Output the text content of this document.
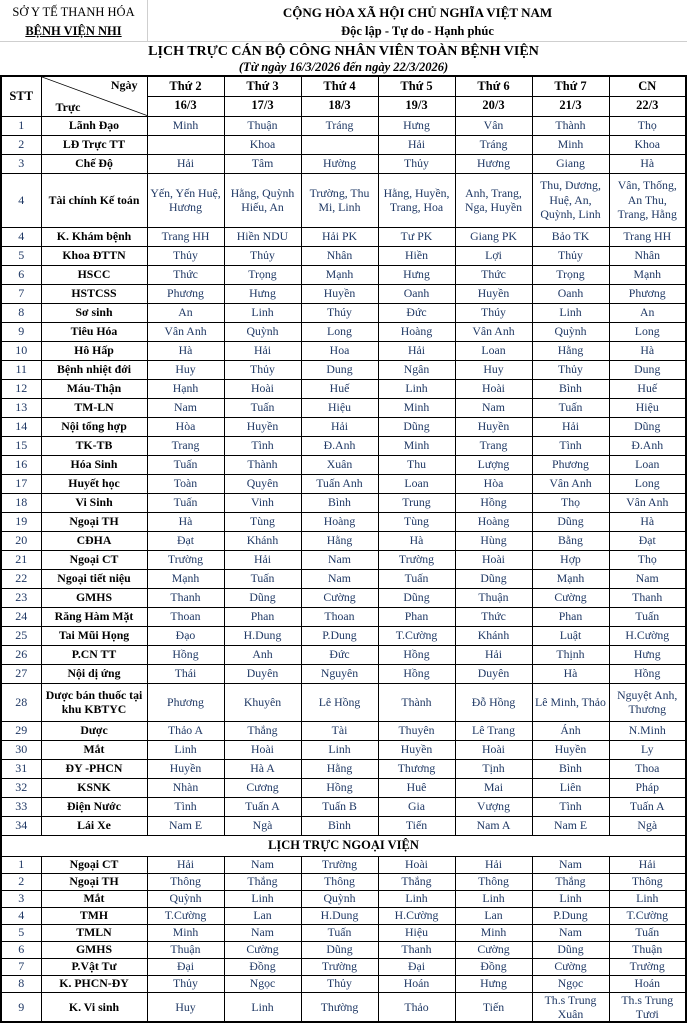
SỞ Y TẾ THANH HÓA
BỆNH VIỆN NHI
CỘNG HÒA XÃ HỘI CHỦ NGHĨA VIỆT NAM
Độc lập - Tự do - Hạnh phúc
LỊCH TRỰC CÁN BỘ CÔNG NHÂN VIÊN TOÀN BỆNH VIỆN
(Từ ngày 16/3/2026 đến ngày 22/3/2026)
STT	Ngày
Trực	Thứ 2	Thứ 3	Thứ 4	Thứ 5	Thứ 6	Thứ 7	CN
		16/3	17/3	18/3	19/3	20/3	21/3	22/3
1	Lãnh Đạo	Minh	Thuận	Tráng	Hưng	Vân	Thành	Thọ
2	LĐ Trực TT		Khoa		Hải	Tráng	Minh	Khoa
3	Chế Độ	Hải	Tâm	Hường	Thủy	Hương	Giang	Hà
4	Tài chính Kế toán	Yến, Yến Huệ, Hương	Hằng, Quỳnh Hiếu, An	Trường, Thu Mi, Linh	Hằng, Huyền, Trang, Hoa	Anh, Trang, Nga, Huyền	Thu, Dương, Huệ, An, Quỳnh, Linh	Vân, Thống, An Thu, Trang, Hằng
4	K. Khám bệnh	Trang HH	Hiền NDU	Hải PK	Tư PK	Giang PK	Bảo TK	Trang HH
5	Khoa ĐTTN	Thủy	Thủy	Nhân	Hiền	Lợi	Thủy	Nhân
6	HSCC	Thức	Trọng	Mạnh	Hưng	Thức	Trọng	Mạnh
7	HSTCSS	Phương	Hưng	Huyền	Oanh	Huyền	Oanh	Phương
8	Sơ sinh	An	Linh	Thúy	Đức	Thúy	Linh	An
9	Tiêu Hóa	Vân Anh	Quỳnh	Long	Hoàng	Vân Anh	Quỳnh	Long
10	Hô Hấp	Hà	Hải	Hoa	Hải	Loan	Hằng	Hà
11	Bệnh nhiệt đới	Huy	Thủy	Dung	Ngân	Huy	Thủy	Dung
12	Máu-Thận	Hạnh	Hoài	Huế	Linh	Hoài	Bình	Huế
13	TM-LN	Nam	Tuấn	Hiệu	Minh	Nam	Tuấn	Hiệu
14	Nội tổng hợp	Hòa	Huyền	Hải	Dũng	Huyền	Hải	Dũng
15	TK-TB	Trang	Tình	Đ.Anh	Minh	Trang	Tình	Đ.Anh
16	Hóa Sinh	Tuấn	Thành	Xuân	Thu	Lượng	Phương	Loan
17	Huyết học	Toàn	Quyên	Tuấn Anh	Loan	Hòa	Vân Anh	Long
18	Vi Sinh	Tuấn	Vinh	Bình	Trung	Hồng	Thọ	Vân Anh
19	Ngoại TH	Hà	Tùng	Hoàng	Tùng	Hoàng	Dũng	Hà
20	CĐHA	Đạt	Khánh	Hằng	Hà	Hùng	Bằng	Đạt
21	Ngoại CT	Trường	Hải	Nam	Trường	Hoài	Hợp	Thọ
22	Ngoại tiết niệu	Mạnh	Tuấn	Nam	Tuấn	Dũng	Mạnh	Nam
23	GMHS	Thanh	Dũng	Cường	Dũng	Thuận	Cường	Thanh
24	Răng Hàm Mặt	Thoan	Phan	Thoan	Phan	Thức	Phan	Tuấn
25	Tai Mũi Họng	Đạo	H.Dung	P.Dung	T.Cường	Khánh	Luật	H.Cường
26	P.CN TT	Hồng	Anh	Đức	Hồng	Hải	Thịnh	Hưng
27	Nội dị ứng	Thái	Duyên	Nguyên	Hồng	Duyên	Hà	Hồng
28	Dược bán thuốc tại khu KBTYC	Phương	Khuyên	Lê Hồng	Thành	Đỗ Hồng	Lê Minh, Thảo	Nguyệt Anh, Thương
29	Dược	Thảo A	Thắng	Tài	Thuyên	Lê Trang	Ánh	N.Minh
30	Mắt	Linh	Hoài	Linh	Huyền	Hoài	Huyền	Ly
31	ĐY -PHCN	Huyền	Hà A	Hằng	Thương	Tịnh	Bình	Thoa
32	KSNK	Nhàn	Cương	Hồng	Huê	Mai	Liên	Pháp
33	Điện Nước	Tình	Tuấn A	Tuấn B	Gia	Vượng	Tình	Tuấn A
34	Lái Xe	Nam E	Ngà	Bình	Tiến	Nam A	Nam E	Ngà
LỊCH TRỰC NGOẠI VIỆN								
1	Ngoại CT	Hải	Nam	Trường	Hoài	Hải	Nam	Hải
2	Ngoại TH	Thông	Thắng	Thông	Thắng	Thông	Thắng	Thông
3	Mắt	Quỳnh	Linh	Quỳnh	Linh	Linh	Linh	Linh
4	TMH	T.Cường	Lan	H.Dung	H.Cường	Lan	P.Dung	T.Cường
5	TMLN	Minh	Nam	Tuấn	Hiệu	Minh	Nam	Tuấn
6	GMHS	Thuận	Cường	Dũng	Thanh	Cường	Dũng	Thuận
7	P.Vật Tư	Đại	Đồng	Trường	Đại	Đồng	Cường	Trường
8	K. PHCN-ĐY	Thủy	Ngọc	Thủy	Hoán	Hưng	Ngọc	Hoán
9	K. Vi sinh	Huy	Linh	Thường	Thảo	Tiến	Th.s Trung Xuân	Th.s Trung Tươi
